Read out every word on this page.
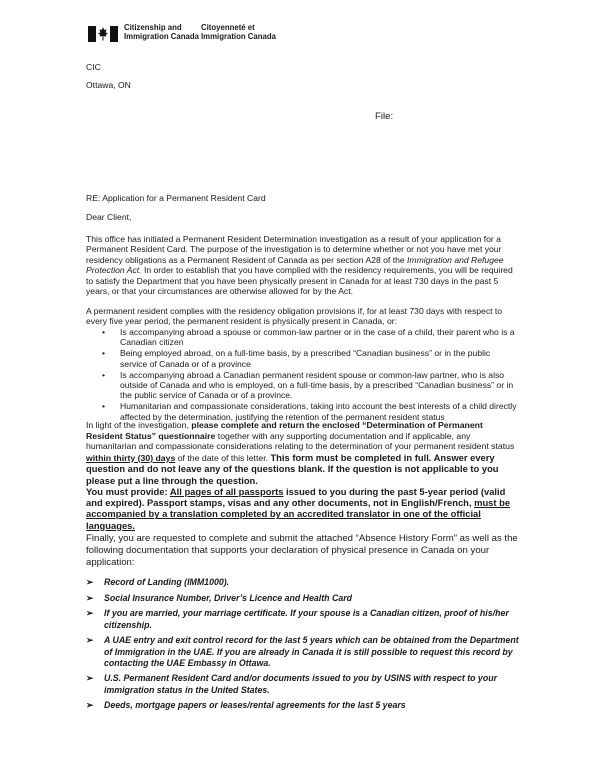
Citizenship and
Immigration Canada
Citoyenneté et
Immigration Canada
CIC
Ottawa, ON
File:
RE: Application for a Permanent Resident Card
Dear Client,
This office has initiated a Permanent Resident Determination investigation as a result of your application for a Permanent Resident Card. The purpose of the investigation is to determine whether or not you have met your residency obligations as a Permanent Resident of Canada as per section A28 of the Immigration and Refugee Protection Act. In order to establish that you have complied with the residency requirements, you will be required to satisfy the Department that you have been physically present in Canada for at least 730 days in the past 5 years, or that your circumstances are otherwise allowed for by the Act.
A permanent resident complies with the residency obligation provisions if, for at least 730 days with respect to every five year period, the permanent resident is physically present in Canada, or:
• Is accompanying abroad a spouse or common-law partner or in the case of a child, their parent who is a Canadian citizen
• Being employed abroad, on a full-time basis, by a prescribed “Canadian business” or in the public service of Canada or of a province
• Is accompanying abroad a Canadian permanent resident spouse or common-law partner, who is also outside of Canada and who is employed, on a full-time basis, by a prescribed “Canadian business” or in the public service of Canada or of a province.
• Humanitarian and compassionate considerations, taking into account the best interests of a child directly affected by the determination, justifying the retention of the permanent resident status
In light of the investigation, please complete and return the enclosed “Determination of Permanent Resident Status” questionnaire together with any supporting documentation and if applicable, any humanitarian and compassionate considerations relating to the determination of your permanent resident status within thirty (30) days of the date of this letter. This form must be completed in full. Answer every question and do not leave any of the questions blank. If the question is not applicable to you please put a line through the question.
You must provide: All pages of all passports issued to you during the past 5-year period (valid and expired). Passport stamps, visas and any other documents, not in English/French, must be accompanied by a translation completed by an accredited translator in one of the official languages.
Finally, you are requested to complete and submit the attached “Absence History Form” as well as the following documentation that supports your declaration of physical presence in Canada on your application:
➢ Record of Landing (IMM1000).
➢ Social Insurance Number, Driver’s Licence and Health Card
➢ If you are married, your marriage certificate. If your spouse is a Canadian citizen, proof of his/her citizenship.
➢ A UAE entry and exit control record for the last 5 years which can be obtained from the Department of Immigration in the UAE. If you are already in Canada it is still possible to request this record by contacting the UAE Embassy in Ottawa.
➢ U.S. Permanent Resident Card and/or documents issued to you by USINS with respect to your immigration status in the United States.
➢ Deeds, mortgage papers or leases/rental agreements for the last 5 years
